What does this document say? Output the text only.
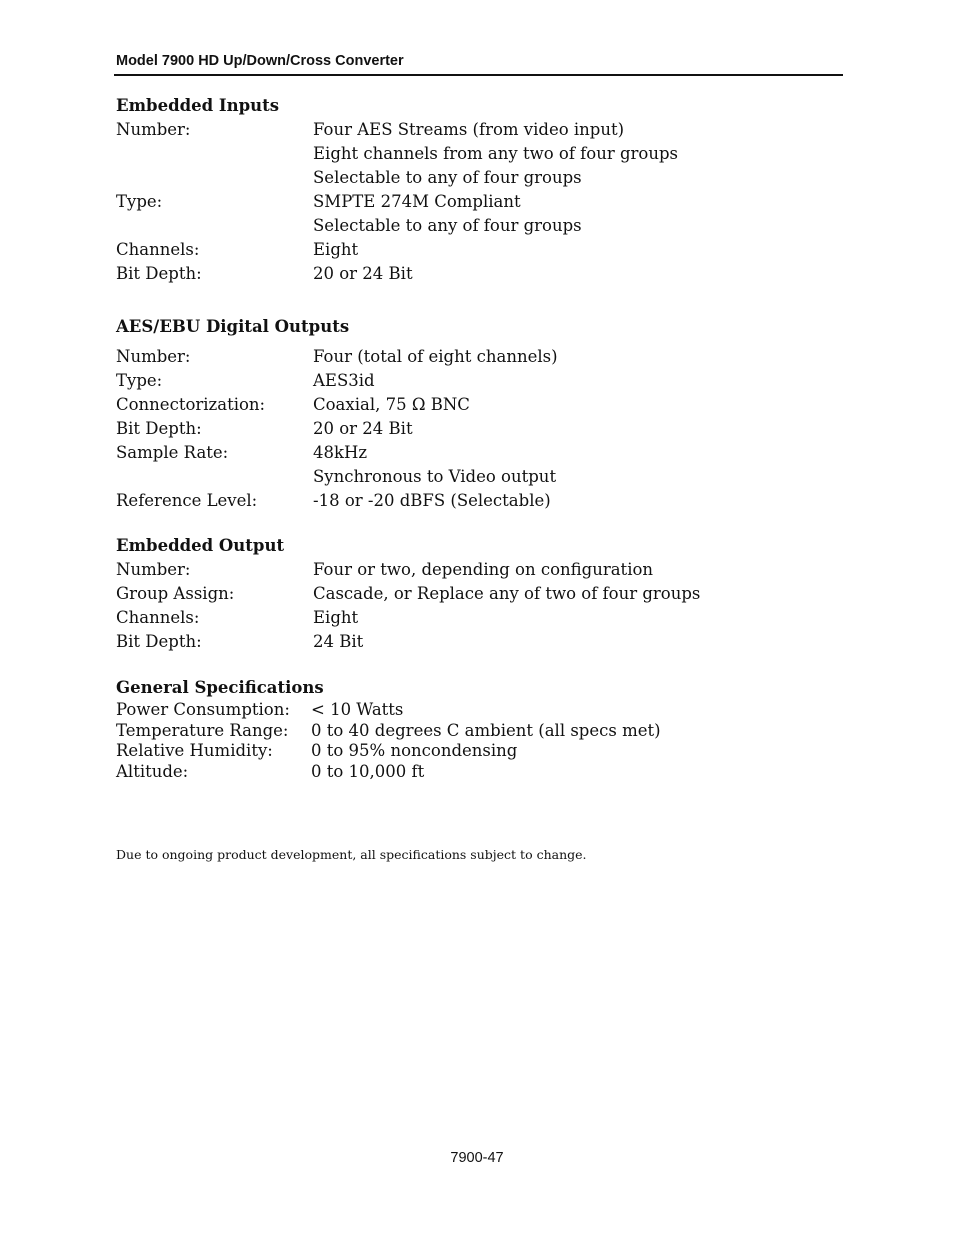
Model 7900 HD Up/Down/Cross Converter
Embedded Inputs
Number:	Four AES Streams (from video input)
Eight channels from any two of four groups
Selectable to any of four groups
Type:	SMPTE 274M Compliant
Selectable to any of four groups
Channels:	Eight
Bit Depth:	20 or 24 Bit
AES/EBU Digital Outputs
Number:	Four (total of eight channels)
Type:	AES3id
Connectorization:	Coaxial, 75 Ω BNC
Bit Depth:	20 or 24 Bit
Sample Rate:	48kHz
Synchronous to Video output
Reference Level:	-18 or -20 dBFS (Selectable)
Embedded Output
Number:	Four or two, depending on configuration
Group Assign:	Cascade, or Replace any of two of four groups
Channels:	Eight
Bit Depth:	24 Bit
General Specifications
Power Consumption:	< 10 Watts
Temperature Range:	0 to 40 degrees C ambient (all specs met)
Relative Humidity:	0 to 95% noncondensing
Altitude:	0 to 10,000 ft
Due to ongoing product development, all specifications subject to change.
7900-47
